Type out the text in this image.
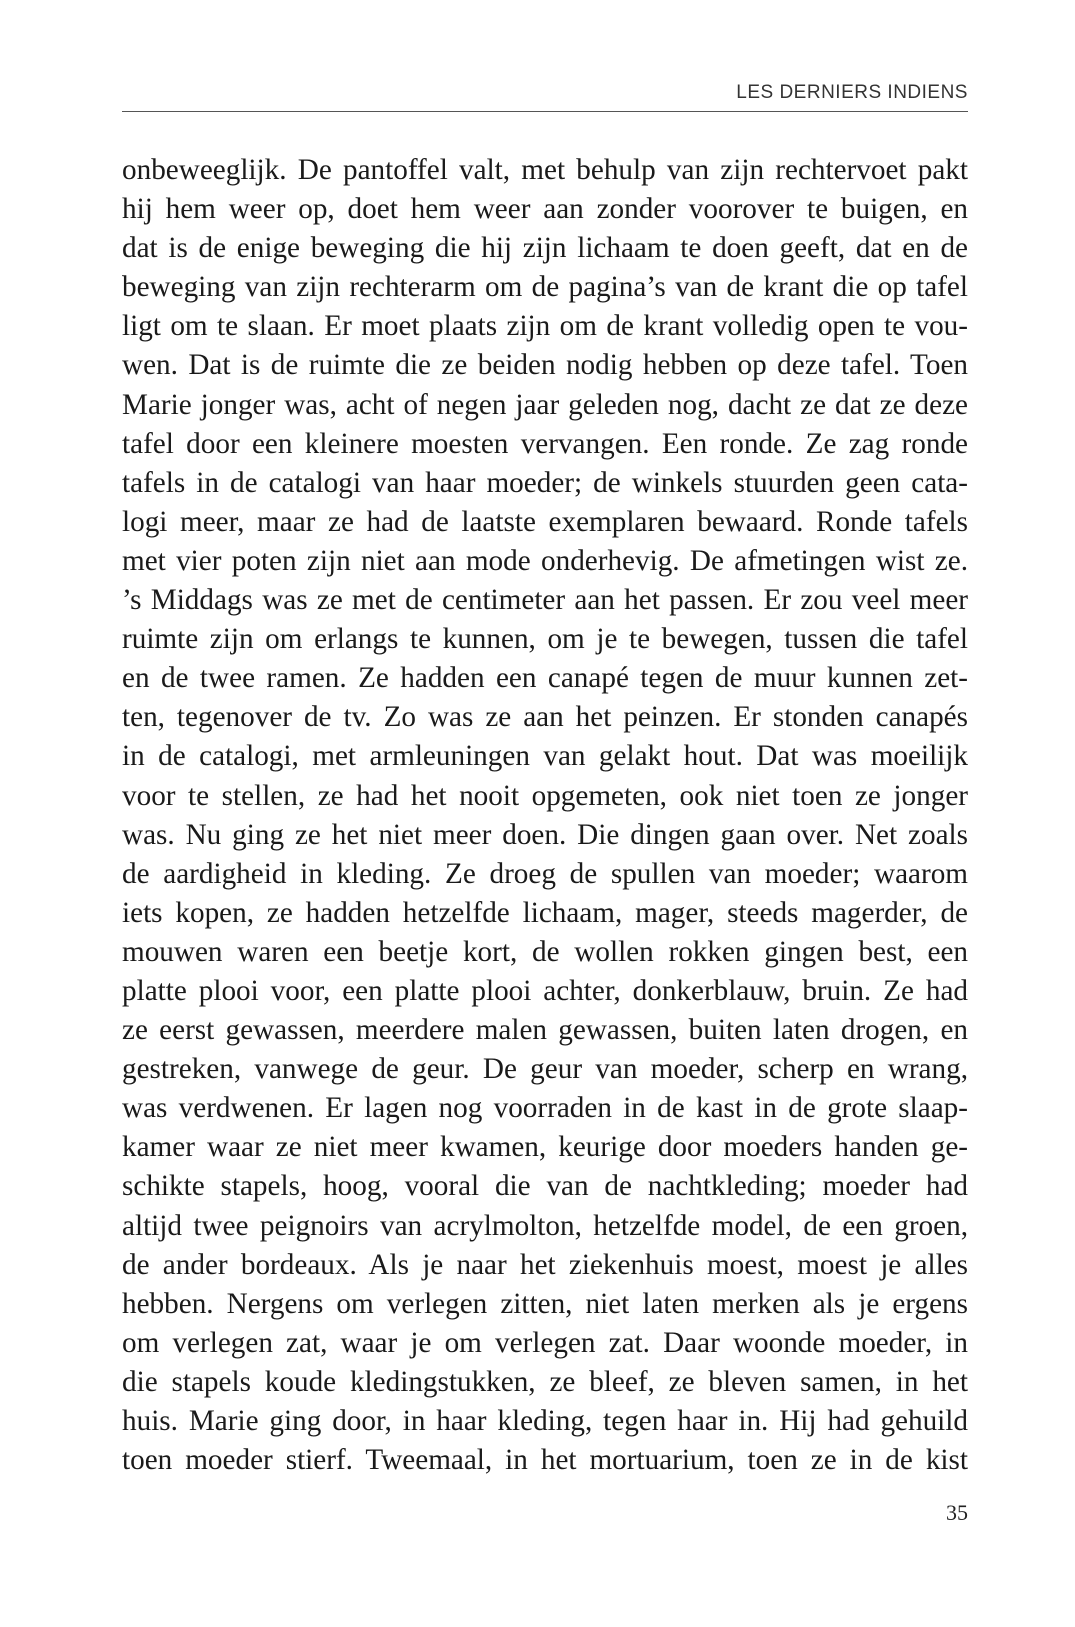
LES DERNIERS INDIENS
onbeweeglijk. De pantoffel valt, met behulp van zijn rechtervoet pakt
hij hem weer op, doet hem weer aan zonder voorover te buigen, en
dat is de enige beweging die hij zijn lichaam te doen geeft, dat en de
beweging van zijn rechterarm om de pagina’s van de krant die op tafel
ligt om te slaan. Er moet plaats zijn om de krant volledig open te vou-
wen. Dat is de ruimte die ze beiden nodig hebben op deze tafel. Toen
Marie jonger was, acht of negen jaar geleden nog, dacht ze dat ze deze
tafel door een kleinere moesten vervangen. Een ronde. Ze zag ronde
tafels in de catalogi van haar moeder; de winkels stuurden geen cata-
logi meer, maar ze had de laatste exemplaren bewaard. Ronde tafels
met vier poten zijn niet aan mode onderhevig. De afmetingen wist ze.
’s Middags was ze met de centimeter aan het passen. Er zou veel meer
ruimte zijn om erlangs te kunnen, om je te bewegen, tussen die tafel
en de twee ramen. Ze hadden een canapé tegen de muur kunnen zet-
ten, tegenover de tv. Zo was ze aan het peinzen. Er stonden canapés
in de catalogi, met armleuningen van gelakt hout. Dat was moeilijk
voor te stellen, ze had het nooit opgemeten, ook niet toen ze jonger
was. Nu ging ze het niet meer doen. Die dingen gaan over. Net zoals
de aardigheid in kleding. Ze droeg de spullen van moeder; waarom
iets kopen, ze hadden hetzelfde lichaam, mager, steeds magerder, de
mouwen waren een beetje kort, de wollen rokken gingen best, een
platte plooi voor, een platte plooi achter, donkerblauw, bruin. Ze had
ze eerst gewassen, meerdere malen gewassen, buiten laten drogen, en
gestreken, vanwege de geur. De geur van moeder, scherp en wrang,
was verdwenen. Er lagen nog voorraden in de kast in de grote slaap-
kamer waar ze niet meer kwamen, keurige door moeders handen ge-
schikte stapels, hoog, vooral die van de nachtkleding; moeder had
altijd twee peignoirs van acrylmolton, hetzelfde model, de een groen,
de ander bordeaux. Als je naar het ziekenhuis moest, moest je alles
hebben. Nergens om verlegen zitten, niet laten merken als je ergens
om verlegen zat, waar je om verlegen zat. Daar woonde moeder, in
die stapels koude kledingstukken, ze bleef, ze bleven samen, in het
huis. Marie ging door, in haar kleding, tegen haar in. Hij had gehuild
toen moeder stierf. Tweemaal, in het mortuarium, toen ze in de kist
35
